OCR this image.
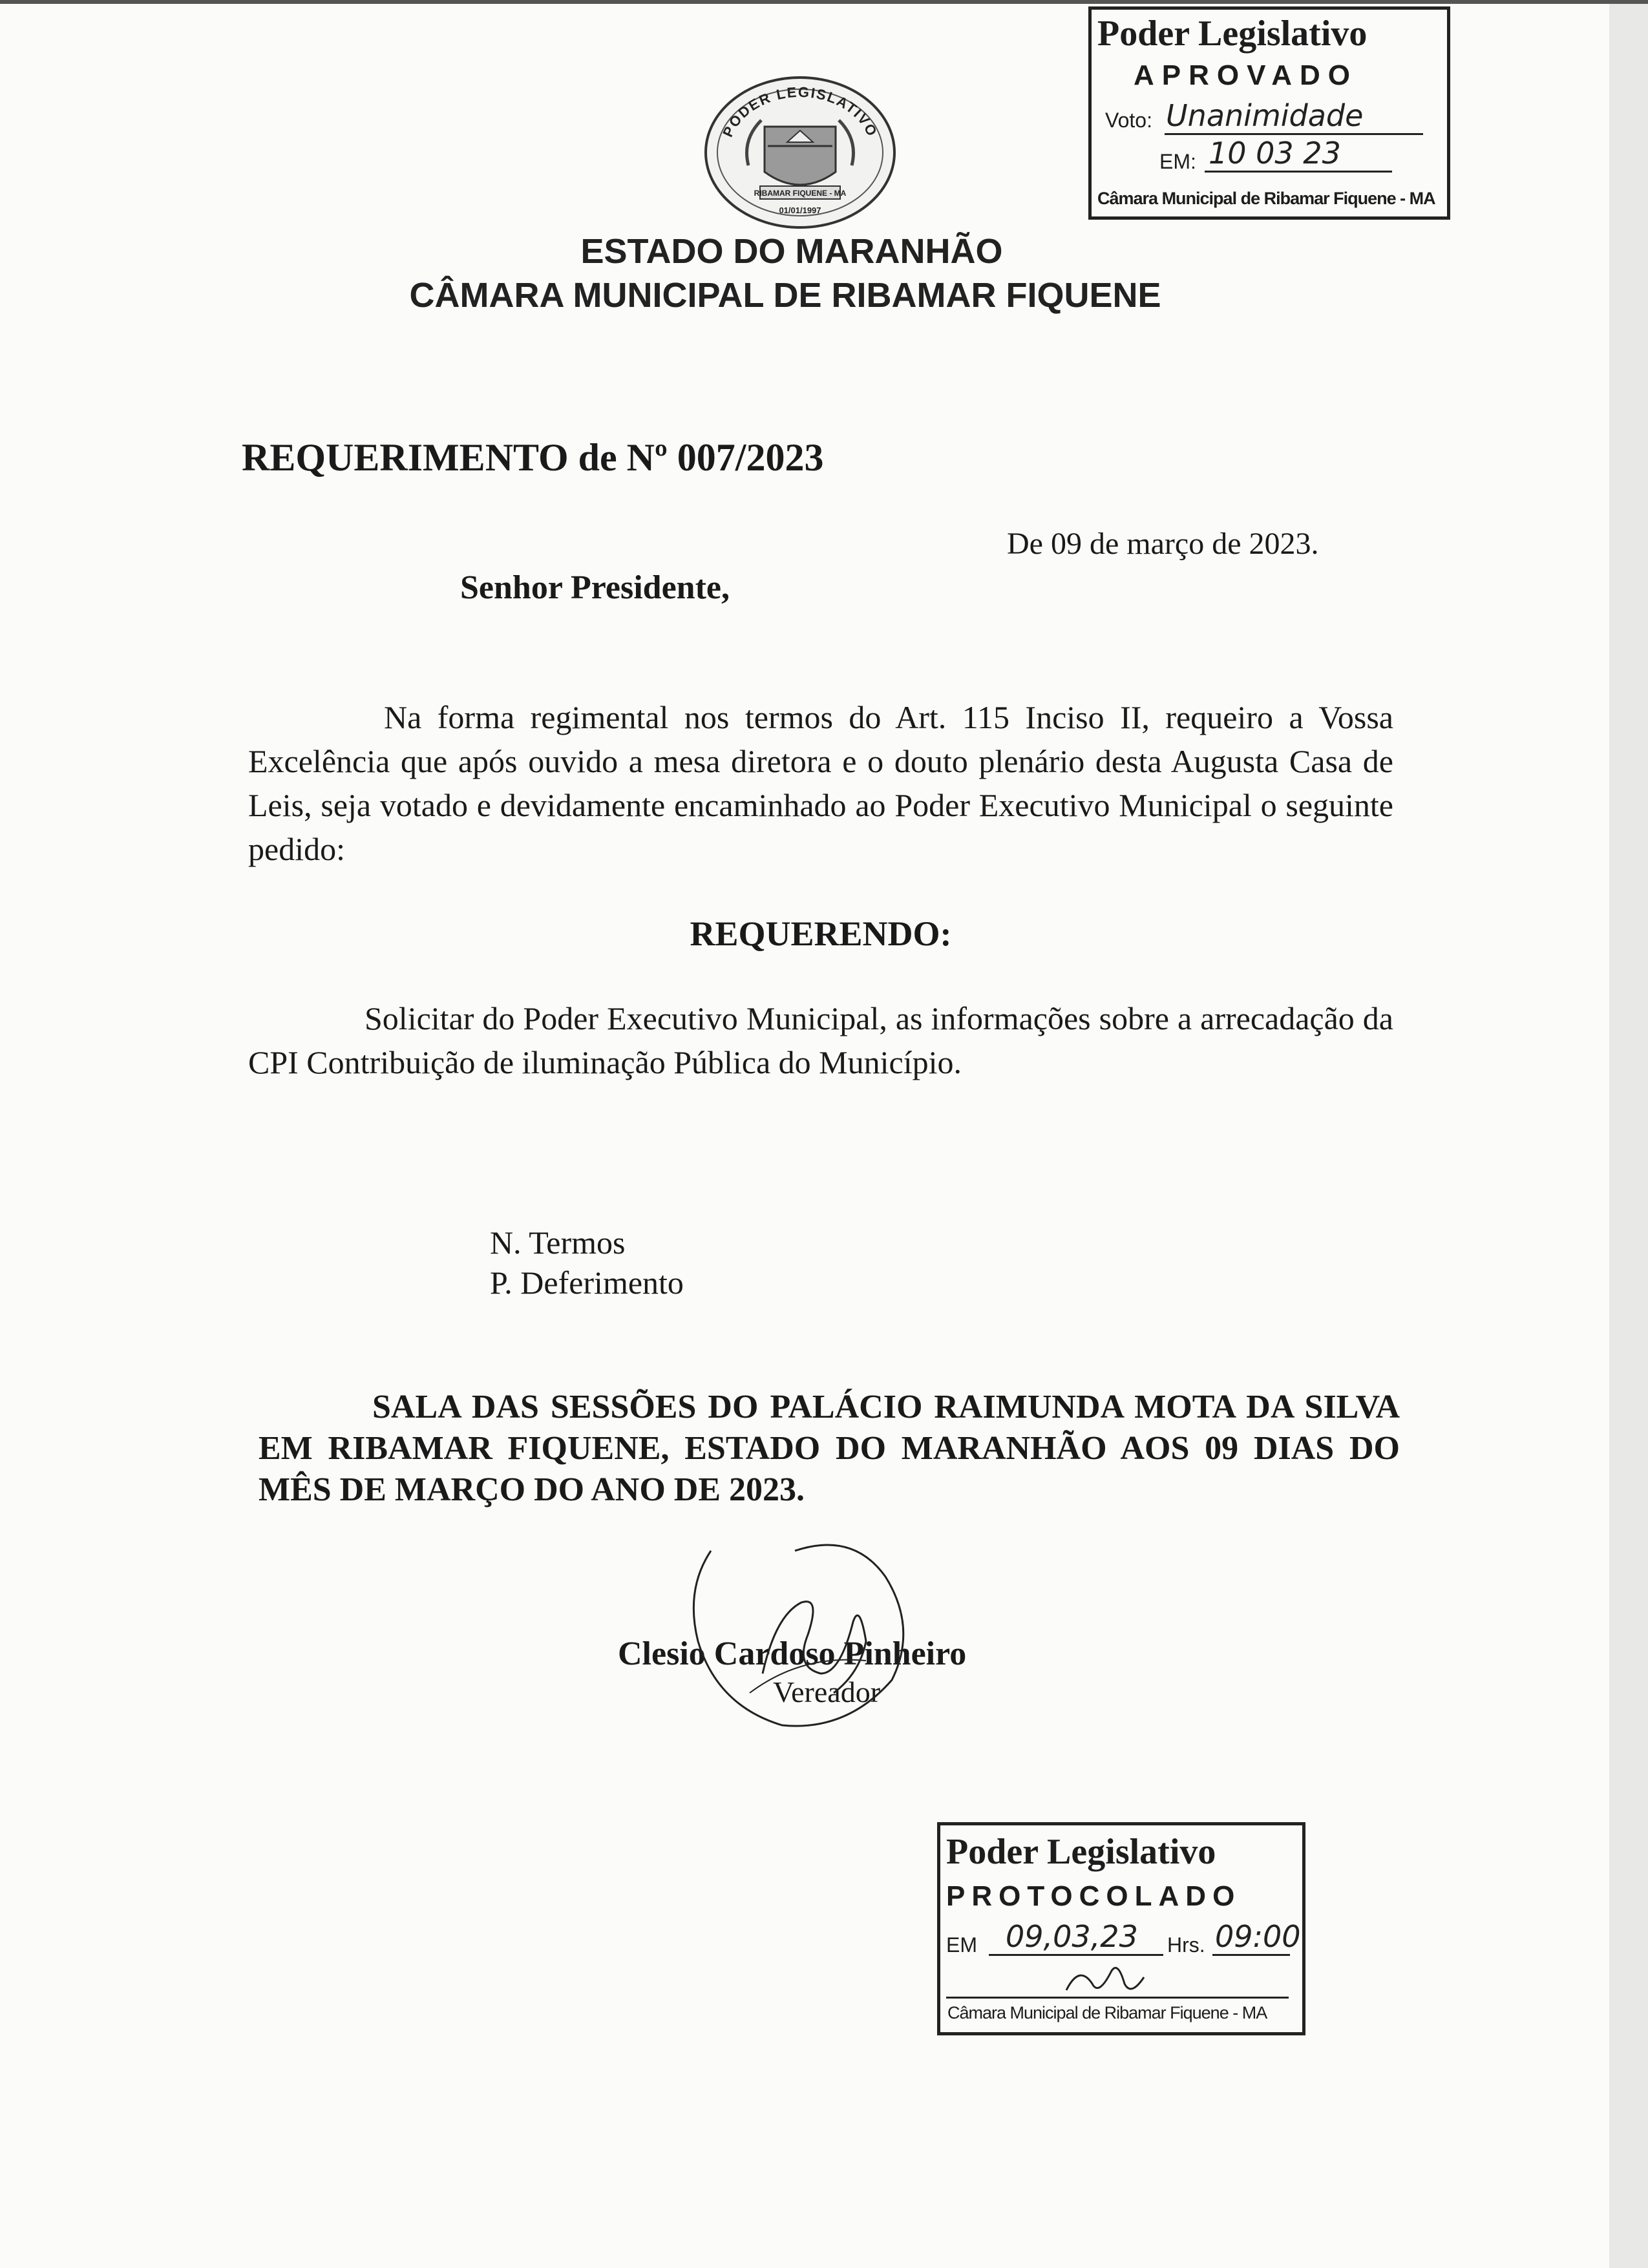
RIBAMAR FIQUENE - MA
01/01/1997
PODER LEGISLATIVO
ESTADO DO MARANHÃO
CÂMARA MUNICIPAL DE RIBAMAR FIQUENE
REQUERIMENTO de Nº 007/2023
De 09 de março de 2023.
Senhor Presidente,
Na forma regimental nos termos do Art. 115 Inciso II, requeiro a Vossa Excelência que após ouvido a mesa diretora e o douto plenário desta Augusta Casa de Leis, seja votado e devidamente encaminhado ao Poder Executivo Municipal o seguinte pedido:
REQUERENDO:
Solicitar do Poder Executivo Municipal, as informações sobre a arrecadação da CPI Contribuição de iluminação Pública do Município.
N. Termos
P. Deferimento
SALA DAS SESSÕES DO PALÁCIO RAIMUNDA MOTA DA SILVA EM RIBAMAR FIQUENE, ESTADO DO MARANHÃO AOS 09 DIAS DO MÊS DE MARÇO DO ANO DE 2023.
Clesio Cardoso Pinheiro
Vereador
Poder Legislativo
APROVADO
Voto: Unanimidade
EM: 10 03 23
Câmara Municipal de Ribamar Fiquene - MA
Poder Legislativo
PROTOCOLADO
EM 09,03,23 Hrs. 09:00
Câmara Municipal de Ribamar Fiquene - MA
